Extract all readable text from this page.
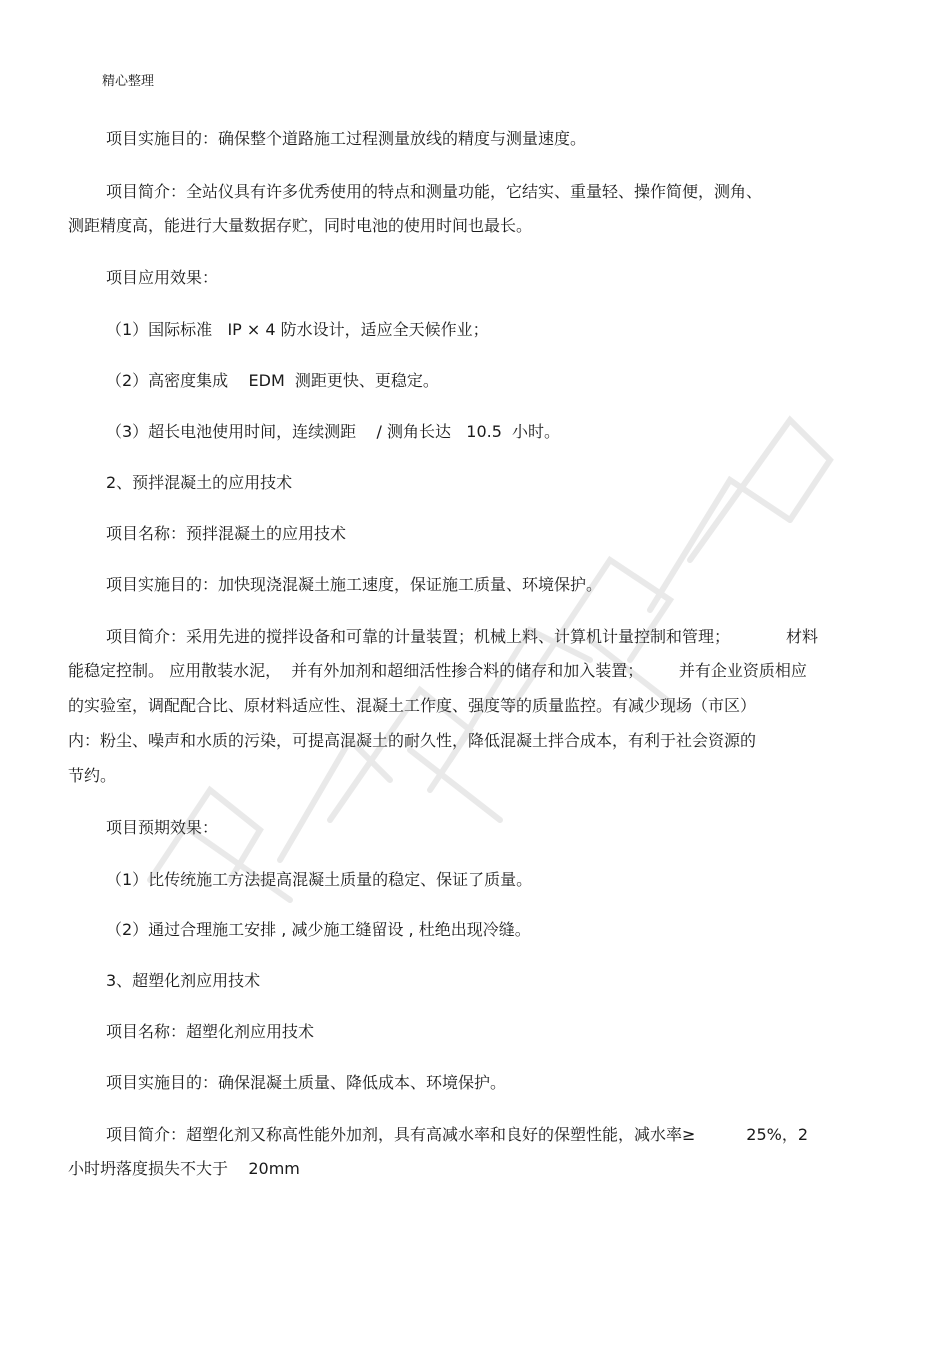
精心整理
项目实施目的：确保整个道路施工过程测量放线的精度与测量速度。
项目简介：全站仪具有许多优秀使用的特点和测量功能，它结实、重量轻、操作简便，测角、
测距精度高，能进行大量数据存贮，同时电池的使用时间也最长。
项目应用效果：
（1）国际标准   IP × 4 防水设计，适应全天候作业；
（2）高密度集成    EDM  测距更快、更稳定。
（3）超长电池使用时间，连续测距    / 测角长达   10.5  小时。
2、预拌混凝土的应用技术
项目名称：预拌混凝土的应用技术
项目实施目的：加快现浇混凝土施工速度，保证施工质量、环境保护。
项目简介：采用先进的搅拌设备和可靠的计量装置；机械上料、计算机计量控制和管理；           材料
能稳定控制。 应用散装水泥，  并有外加剂和超细活性掺合料的储存和加入装置；       并有企业资质相应
的实验室，调配配合比、原材料适应性、混凝土工作度、强度等的质量监控。有减少现场（市区）
内：粉尘、噪声和水质的污染，可提高混凝土的耐久性，降低混凝土拌合成本，有利于社会资源的
节约。
项目预期效果：
（1）比传统施工方法提高混凝土质量的稳定、保证了质量。
（2）通过合理施工安排 , 减少施工缝留设 , 杜绝出现冷缝。
3、超塑化剂应用技术
项目名称：超塑化剂应用技术
项目实施目的：确保混凝土质量、降低成本、环境保护。
项目简介：超塑化剂又称高性能外加剂，具有高减水率和良好的保塑性能，减水率≥          25%，2
小时坍落度损失不大于    20mm
